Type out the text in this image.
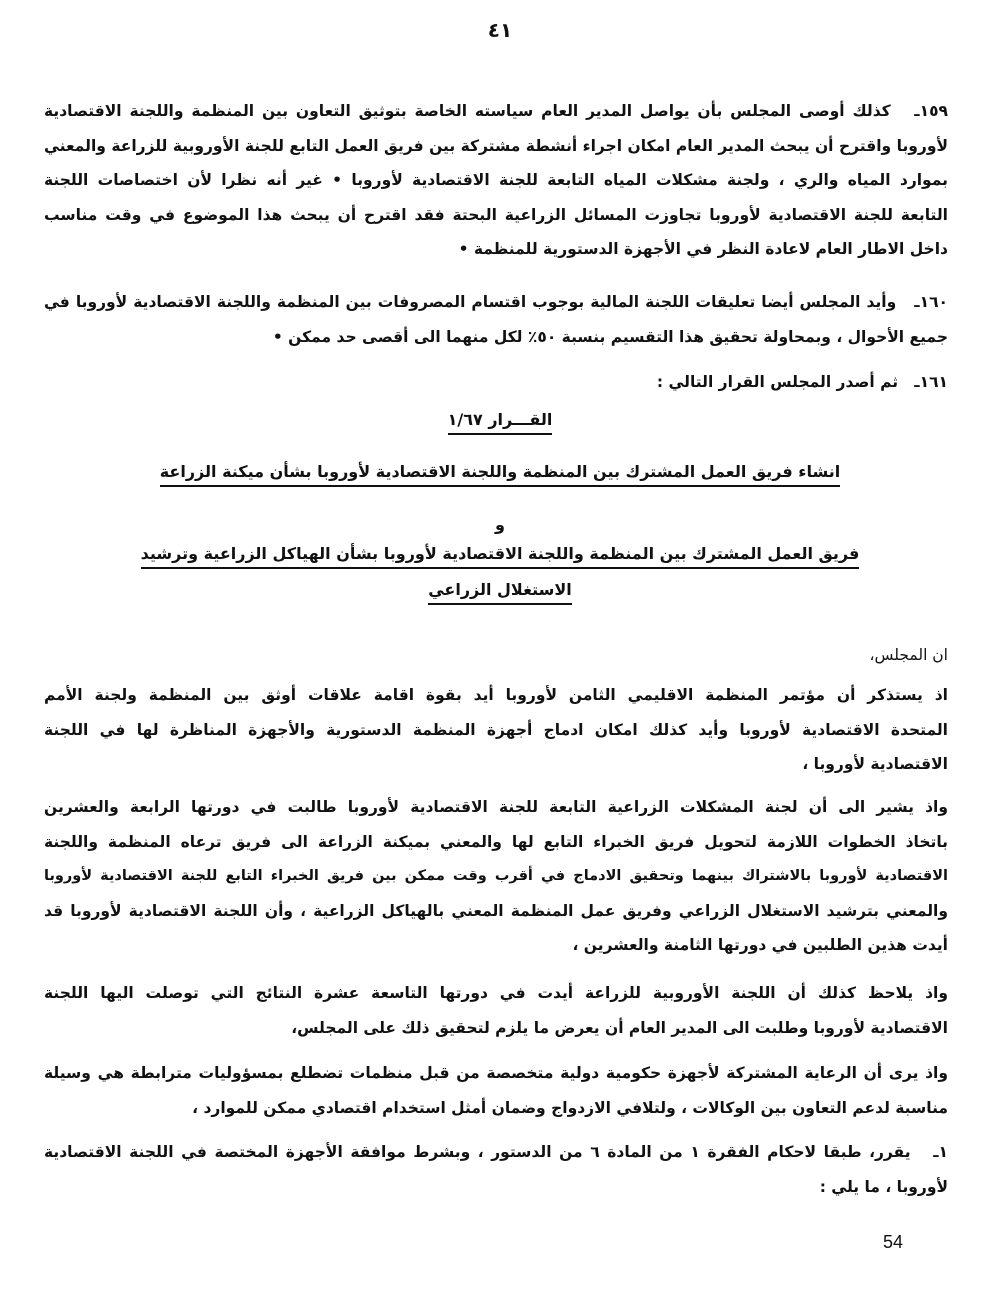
٤١
١٥٩ـ   كذلك أوصى المجلس بأن يواصل المدير العام سياسته الخاصة بتوثيق التعاون بين المنظمة واللجنة الاقتصادية
لأوروبا واقترح أن يبحث المدير العام امكان اجراء أنشطة مشتركة بين فريق العمل التابع للجنة الأوروبية للزراعة والمعني
بموارد المياه والري ، ولجنة مشكلات المياه التابعة للجنة الاقتصادية لأوروبا • غير أنه نظرا لأن اختصاصات اللجنة
التابعة للجنة الاقتصادية لأوروبا تجاوزت المسائل الزراعية البحتة فقد اقترح أن يبحث هذا الموضوع في وقت مناسب
داخل الاطار العام لاعادة النظر في الأجهزة الدستورية للمنظمة •
١٦٠ـ   وأيد المجلس أيضا تعليقات اللجنة المالية بوجوب اقتسام المصروفات بين المنظمة واللجنة الاقتصادية لأوروبا في
جميع الأحوال ، وبمحاولة تحقيق هذا التقسيم بنسبة ٥٠٪ لكل منهما الى أقصى حد ممكن •
١٦١ـ   ثم أصدر المجلس القرار التالي :
القـــرار ١/٦٧
انشاء فريق العمل المشترك بين المنظمة واللجنة الاقتصادية لأوروبا بشأن ميكنة الزراعة
و
فريق العمل المشترك بين المنظمة واللجنة الاقتصادية لأوروبا بشأن الهياكل الزراعية وترشيد
الاستغلال الزراعي
ان المجلس،
اذ يستذكر أن مؤتمر المنظمة الاقليمي الثامن لأوروبا أيد بقوة اقامة علاقات أوثق بين المنظمة ولجنة الأمم
المتحدة الاقتصادية لأوروبا وأيد كذلك امكان ادماج أجهزة المنظمة الدستورية والأجهزة المناظرة لها في اللجنة
الاقتصادية لأوروبا ،
واذ يشير الى أن لجنة المشكلات الزراعية التابعة للجنة الاقتصادية لأوروبا طالبت في دورتها الرابعة والعشرين
باتخاذ الخطوات اللازمة لتحويل فريق الخبراء التابع لها والمعني بميكنة الزراعة الى فريق ترعاه المنظمة واللجنة
الاقتصادية لأوروبا بالاشتراك بينهما وتحقيق الادماج في أقرب وقت ممكن بين فريق الخبراء التابع للجنة الاقتصادية لأوروبا
والمعني بترشيد الاستغلال الزراعي وفريق عمل المنظمة المعني بالهياكل الزراعية ، وأن اللجنة الاقتصادية لأوروبا قد
أيدت هذين الطلبين في دورتها الثامنة والعشرين ،
واذ يلاحظ كذلك أن اللجنة الأوروبية للزراعة أيدت في دورتها التاسعة عشرة النتائج التي توصلت اليها اللجنة
الاقتصادية لأوروبا وطلبت الى المدير العام أن يعرض ما يلزم لتحقيق ذلك على المجلس،
واذ يرى أن الرعاية المشتركة لأجهزة حكومية دولية متخصصة من قبل منظمات تضطلع بمسؤوليات مترابطة هي وسيلة
مناسبة لدعم التعاون بين الوكالات ، ولتلافي الازدواج وضمان أمثل استخدام اقتصادي ممكن للموارد ،
١ـ   يقرر، طبقا لاحكام الفقرة ١ من المادة ٦ من الدستور ، وبشرط موافقة الأجهزة المختصة في اللجنة الاقتصادية
لأوروبا ، ما يلي :
54
